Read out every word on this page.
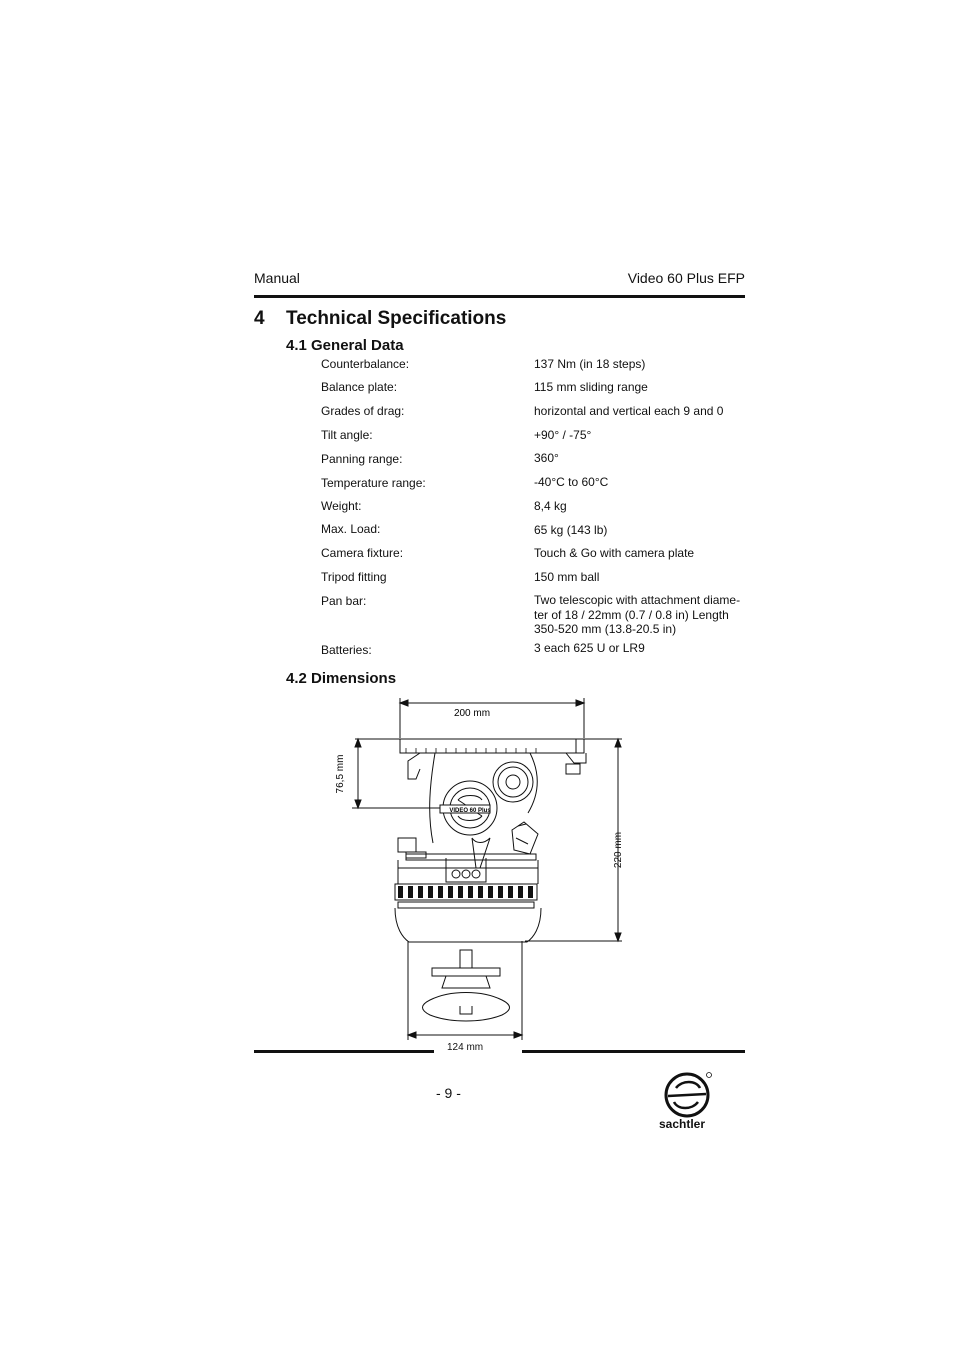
Manual	Video 60 Plus EFP
4 Technical Specifications
4.1 General Data
Counterbalance:	137 Nm (in 18 steps)
Balance plate:	115 mm sliding range
Grades of drag:	horizontal and vertical each 9 and 0
Tilt angle:	+90° / -75°
Panning range:	360°
Temperature range:	-40°C to 60°C
Weight:	8,4 kg
Max. Load:	65 kg (143 lb)
Camera fixture:	Touch & Go with camera plate
Tripod fitting	150 mm ball
Pan bar:	Two telescopic with attachment diame-ter of 18 / 22mm (0.7 / 0.8 in) Length 350-520 mm (13.8-20.5 in)
Batteries:	3 each 625 U or LR9
4.2 Dimensions
200 mm
VIDEO 60 Plus
76,5 mm
220 mm
124 mm
- 9 -
sachtler
